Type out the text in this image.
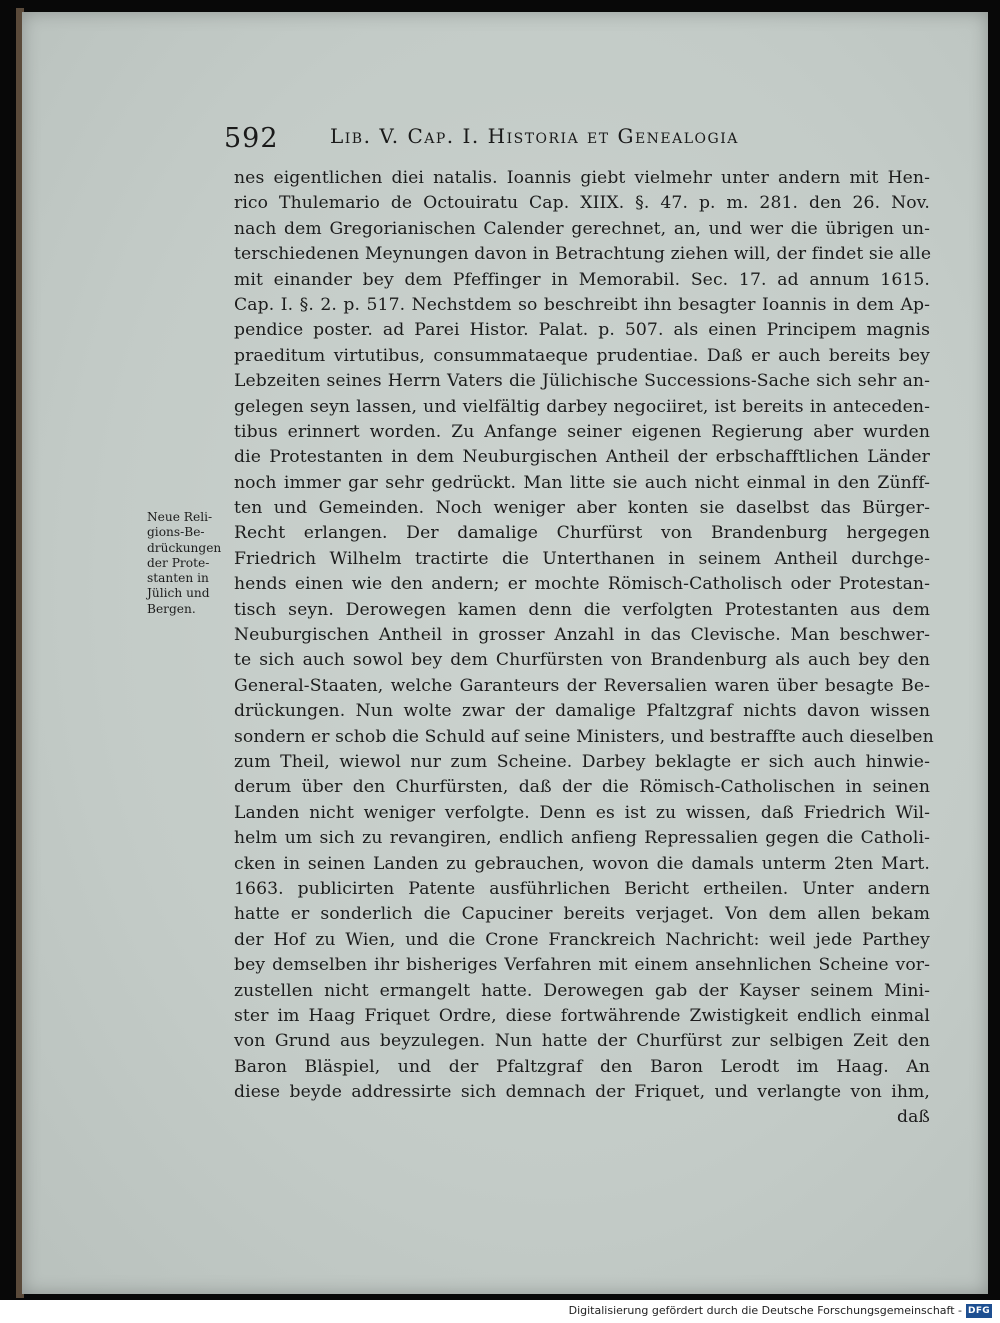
592	Lib. V. Cap. I. Historia et Genealogia
Neue Reli-
gions-Be-
drückungen
der Prote-
stanten in
Jülich und
Bergen.
nes eigentlichen diei natalis. Ioannis giebt vielmehr unter andern mit Hen-
rico Thulemario de Octouiratu Cap. XIIX. §. 47. p. m. 281. den 26. Nov.
nach dem Gregorianischen Calender gerechnet, an, und wer die übrigen un-
terschiedenen Meynungen davon in Betrachtung ziehen will, der findet sie alle
mit einander bey dem Pfeffinger in Memorabil. Sec. 17. ad annum 1615.
Cap. I. §. 2. p. 517. Nechstdem so beschreibt ihn besagter Ioannis in dem Ap-
pendice poster. ad Parei Histor. Palat. p. 507. als einen Principem magnis
praeditum virtutibus, consummataeque prudentiae. Daß er auch bereits bey
Lebzeiten seines Herrn Vaters die Jülichische Successions-Sache sich sehr an-
gelegen seyn lassen, und vielfältig darbey negociiret, ist bereits in anteceden-
tibus erinnert worden. Zu Anfange seiner eigenen Regierung aber wurden
die Protestanten in dem Neuburgischen Antheil der erbschafftlichen Länder
noch immer gar sehr gedrückt. Man litte sie auch nicht einmal in den Zünff-
ten und Gemeinden. Noch weniger aber konten sie daselbst das Bürger-
Recht erlangen. Der damalige Churfürst von Brandenburg hergegen
Friedrich Wilhelm tractirte die Unterthanen in seinem Antheil durchge-
hends einen wie den andern; er mochte Römisch-Catholisch oder Protestan-
tisch seyn. Derowegen kamen denn die verfolgten Protestanten aus dem
Neuburgischen Antheil in grosser Anzahl in das Clevische. Man beschwer-
te sich auch sowol bey dem Churfürsten von Brandenburg als auch bey den
General-Staaten, welche Garanteurs der Reversalien waren über besagte Be-
drückungen. Nun wolte zwar der damalige Pfaltzgraf nichts davon wissen
sondern er schob die Schuld auf seine Ministers, und bestraffte auch dieselben
zum Theil, wiewol nur zum Scheine. Darbey beklagte er sich auch hinwie-
derum über den Churfürsten, daß der die Römisch-Catholischen in seinen
Landen nicht weniger verfolgte. Denn es ist zu wissen, daß Friedrich Wil-
helm um sich zu revangiren, endlich anfieng Repressalien gegen die Catholi-
cken in seinen Landen zu gebrauchen, wovon die damals unterm 2ten Mart.
1663. publicirten Patente ausführlichen Bericht ertheilen. Unter andern
hatte er sonderlich die Capuciner bereits verjaget. Von dem allen bekam
der Hof zu Wien, und die Crone Franckreich Nachricht: weil jede Parthey
bey demselben ihr bisheriges Verfahren mit einem ansehnlichen Scheine vor-
zustellen nicht ermangelt hatte. Derowegen gab der Kayser seinem Mini-
ster im Haag Friquet Ordre, diese fortwährende Zwistigkeit endlich einmal
von Grund aus beyzulegen. Nun hatte der Churfürst zur selbigen Zeit den
Baron Bläspiel, und der Pfaltzgraf den Baron Lerodt im Haag. An
diese beyde addressirte sich demnach der Friquet, und verlangte von ihm,
daß
Digitalisierung gefördert durch die Deutsche Forschungsgemeinschaft - DFG
